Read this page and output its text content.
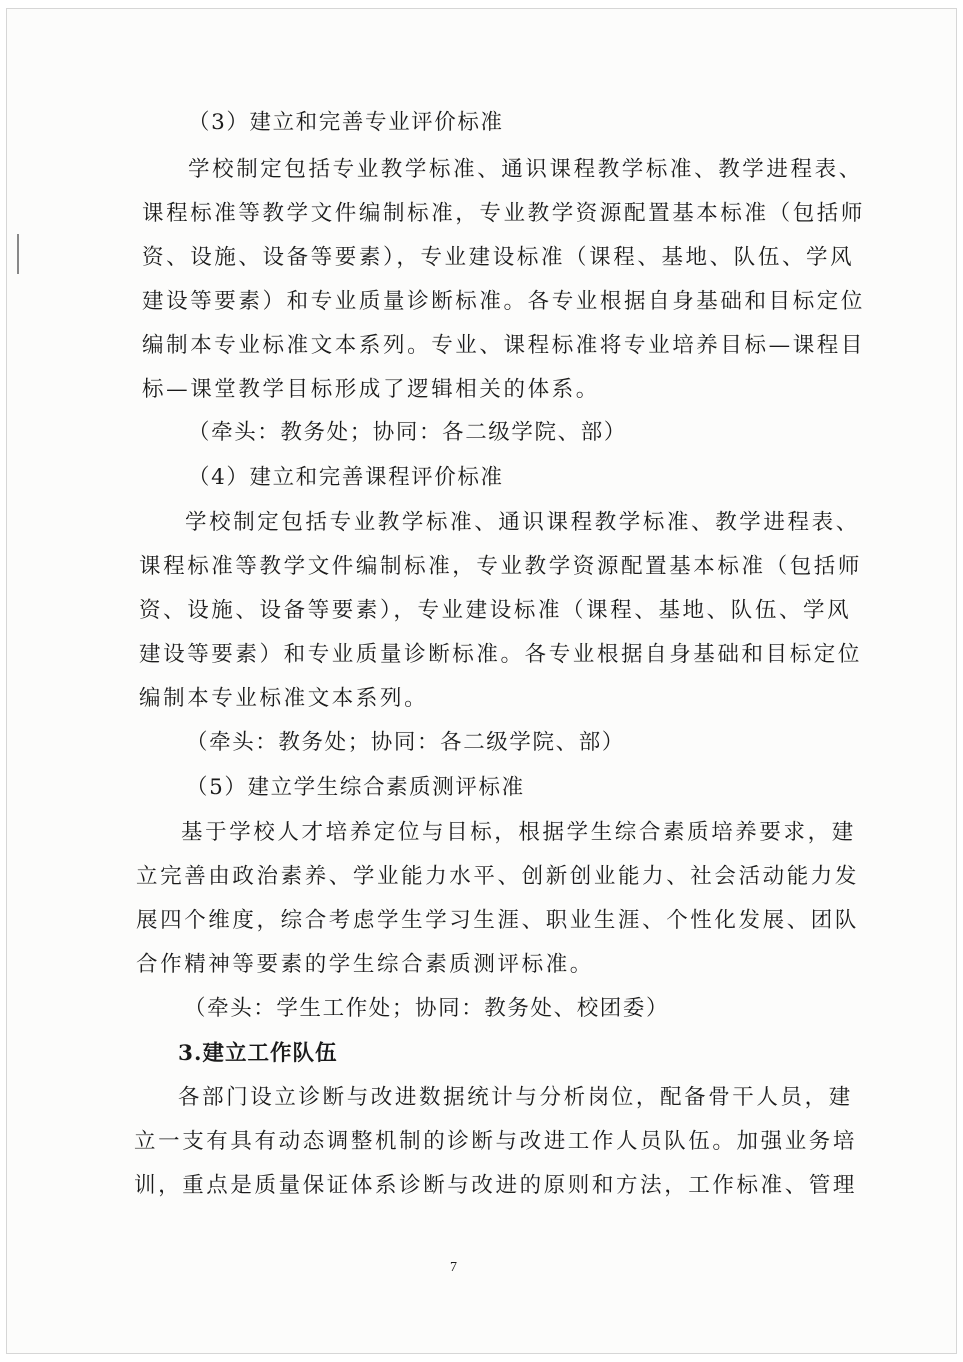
（3）建立和完善专业评价标准
学校制定包括专业教学标准、通识课程教学标准、教学进程表、
课程标准等教学文件编制标准，专业教学资源配置基本标准（包括师
资、设施、设备等要素），专业建设标准（课程、基地、队伍、学风
建设等要素）和专业质量诊断标准。各专业根据自身基础和目标定位
编制本专业标准文本系列。专业、课程标准将专业培养目标—课程目
标—课堂教学目标形成了逻辑相关的体系。
（牵头：教务处；协同：各二级学院、部）
（4）建立和完善课程评价标准
学校制定包括专业教学标准、通识课程教学标准、教学进程表、
课程标准等教学文件编制标准，专业教学资源配置基本标准（包括师
资、设施、设备等要素），专业建设标准（课程、基地、队伍、学风
建设等要素）和专业质量诊断标准。各专业根据自身基础和目标定位
编制本专业标准文本系列。
（牵头：教务处；协同：各二级学院、部）
（5）建立学生综合素质测评标准
基于学校人才培养定位与目标，根据学生综合素质培养要求，建
立完善由政治素养、学业能力水平、创新创业能力、社会活动能力发
展四个维度，综合考虑学生学习生涯、职业生涯、个性化发展、团队
合作精神等要素的学生综合素质测评标准。
（牵头：学生工作处；协同：教务处、校团委）
3.建立工作队伍
各部门设立诊断与改进数据统计与分析岗位，配备骨干人员，建
立一支有具有动态调整机制的诊断与改进工作人员队伍。加强业务培
训，重点是质量保证体系诊断与改进的原则和方法，工作标准、管理
7
